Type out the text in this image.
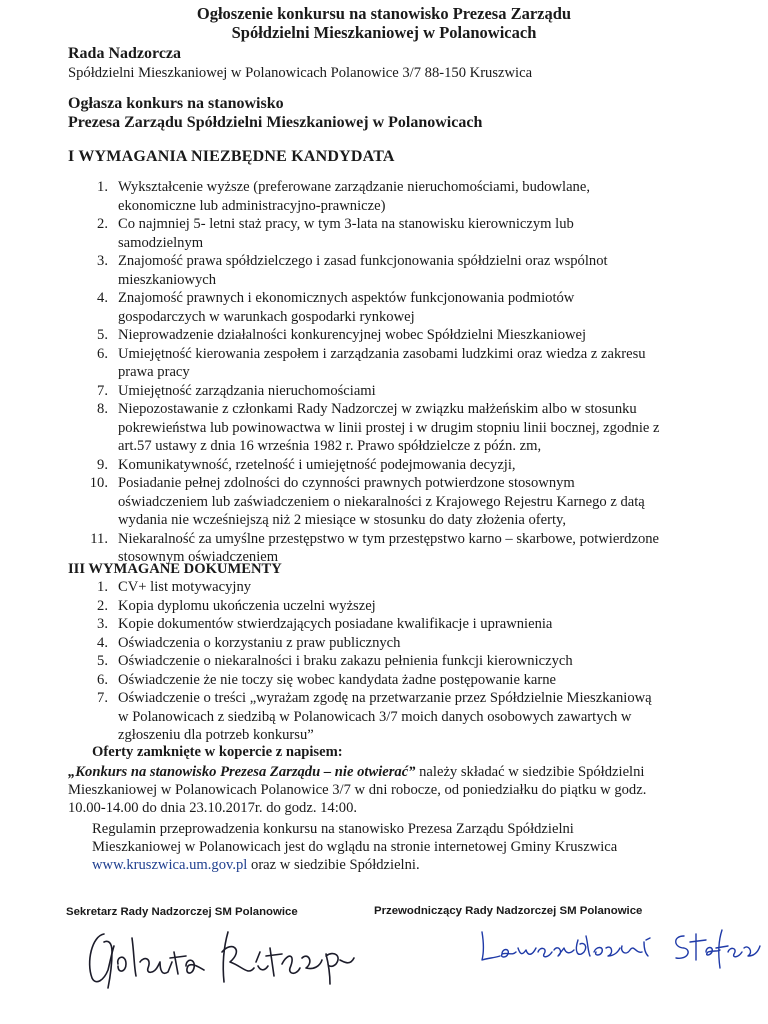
Ogłoszenie konkursu na stanowisko Prezesa Zarządu
Spółdzielni Mieszkaniowej w Polanowicach
Rada Nadzorcza
Spółdzielni Mieszkaniowej w Polanowicach Polanowice 3/7 88-150 Kruszwica
Ogłasza konkurs na stanowisko
Prezesa Zarządu Spółdzielni Mieszkaniowej w Polanowicach
I WYMAGANIA NIEZBĘDNE KANDYDATA
1. Wykształcenie wyższe (preferowane zarządzanie nieruchomościami, budowlane,
ekonomiczne lub administracyjno-prawnicze)
2. Co najmniej 5- letni staż pracy, w tym 3-lata na stanowisku kierowniczym lub
samodzielnym
3. Znajomość prawa spółdzielczego i zasad funkcjonowania spółdzielni oraz wspólnot
mieszkaniowych
4. Znajomość prawnych i ekonomicznych aspektów funkcjonowania podmiotów
gospodarczych w warunkach gospodarki rynkowej
5. Nieprowadzenie działalności konkurencyjnej wobec Spółdzielni Mieszkaniowej
6. Umiejętność kierowania zespołem i zarządzania zasobami ludzkimi oraz wiedza z zakresu
prawa pracy
7. Umiejętność zarządzania nieruchomościami
8. Niepozostawanie z członkami Rady Nadzorczej w związku małżeńskim albo w stosunku
pokrewieństwa lub powinowactwa w linii prostej i w drugim stopniu linii bocznej, zgodnie z
art.57 ustawy z dnia 16 września 1982 r. Prawo spółdzielcze z późn. zm,
9. Komunikatywność, rzetelność i umiejętność podejmowania decyzji,
10. Posiadanie pełnej zdolności do czynności prawnych potwierdzone stosownym
oświadczeniem lub zaświadczeniem o niekaralności z Krajowego Rejestru Karnego z datą
wydania nie wcześniejszą niż 2 miesiące w stosunku do daty złożenia oferty,
11. Niekaralność za umyślne przestępstwo w tym przestępstwo karno – skarbowe, potwierdzone
stosownym oświadczeniem
III WYMAGANE DOKUMENTY
1. CV+ list motywacyjny
2. Kopia dyplomu ukończenia uczelni wyższej
3. Kopie dokumentów stwierdzających posiadane kwalifikacje i uprawnienia
4. Oświadczenia o korzystaniu z praw publicznych
5. Oświadczenie o niekaralności i braku zakazu pełnienia funkcji kierowniczych
6. Oświadczenie że nie toczy się wobec kandydata żadne postępowanie karne
7. Oświadczenie o treści „wyrażam zgodę na przetwarzanie przez Spółdzielnie Mieszkaniową
w Polanowicach z siedzibą w Polanowicach 3/7 moich danych osobowych zawartych w
zgłoszeniu dla potrzeb konkursu”
Oferty zamknięte w kopercie z napisem:
„Konkurs na stanowisko Prezesa Zarządu – nie otwierać” należy składać w siedzibie Spółdzielni
Mieszkaniowej w Polanowicach Polanowice 3/7 w dni robocze, od poniedziałku do piątku w godz.
10.00-14.00 do dnia 23.10.2017r. do godz. 14:00.
Regulamin przeprowadzenia konkursu na stanowisko Prezesa Zarządu Spółdzielni
Mieszkaniowej w Polanowicach jest do wglądu na stronie internetowej Gminy Kruszwica
www.kruszwica.um.gov.pl oraz w siedzibie Spółdzielni.
Sekretarz Rady Nadzorczej SM Polanowice	Przewodniczący Rady Nadzorczej SM Polanowice
